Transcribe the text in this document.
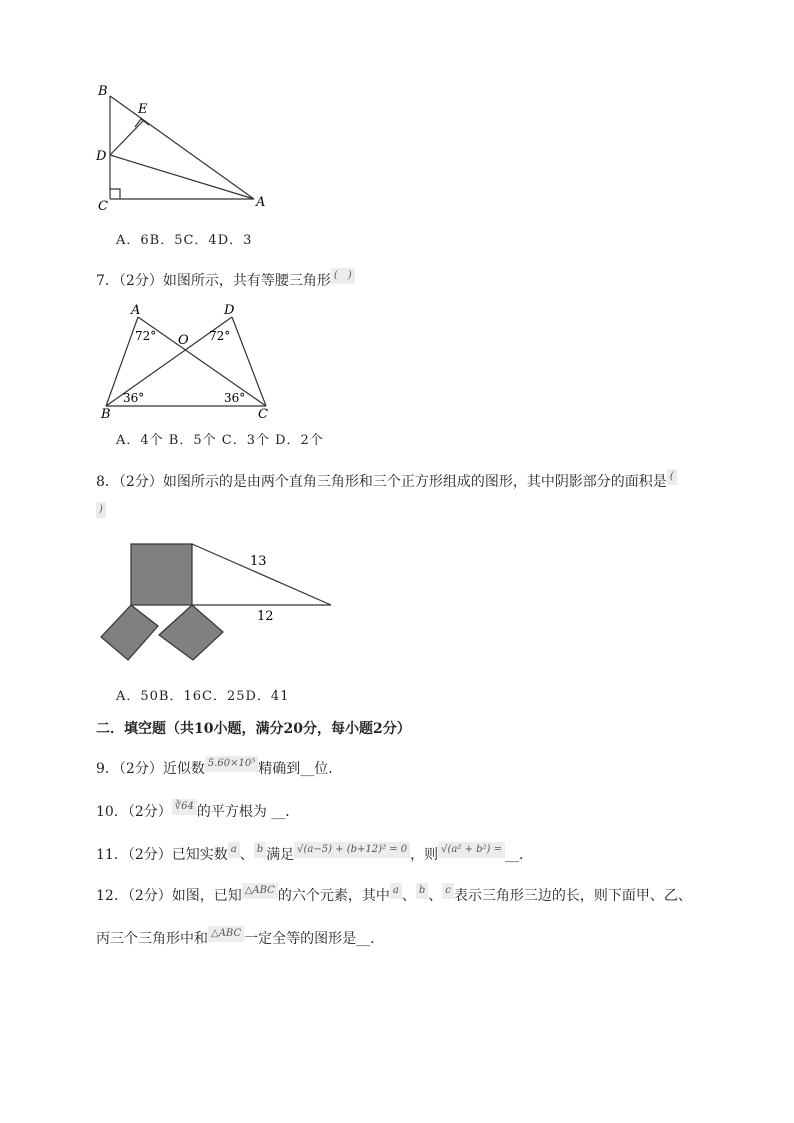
B
E
D
C	A
A．6B．5C．4D．3
7．（2分）如图所示，共有等腰三角形 (　)
A	D
O
72°	72°
36°	36°
B	C
A．4个 B．5个 C．3个 D．2个
8．（2分）如图所示的是由两个直角三角形和三个正方形组成的图形，其中阴影部分的面积是 (
)
13
12
A．50B．16C．25D．41
二．填空题（共10小题，满分20分，每小题2分）
9．（2分）近似数 5.60×10⁵ 精确到__位．
10．（2分） ∛64 的平方根为 __．
11．（2分）已知实数 a 、 b 满足 √(a−5) + (b+12)² = 0 ，则 √(a² + b²) = __．
12．（2分）如图，已知 △ABC 的六个元素，其中 a 、 b 、 c 表示三角形三边的长，则下面甲、乙、
丙三个三角形中和 △ABC 一定全等的图形是__．
